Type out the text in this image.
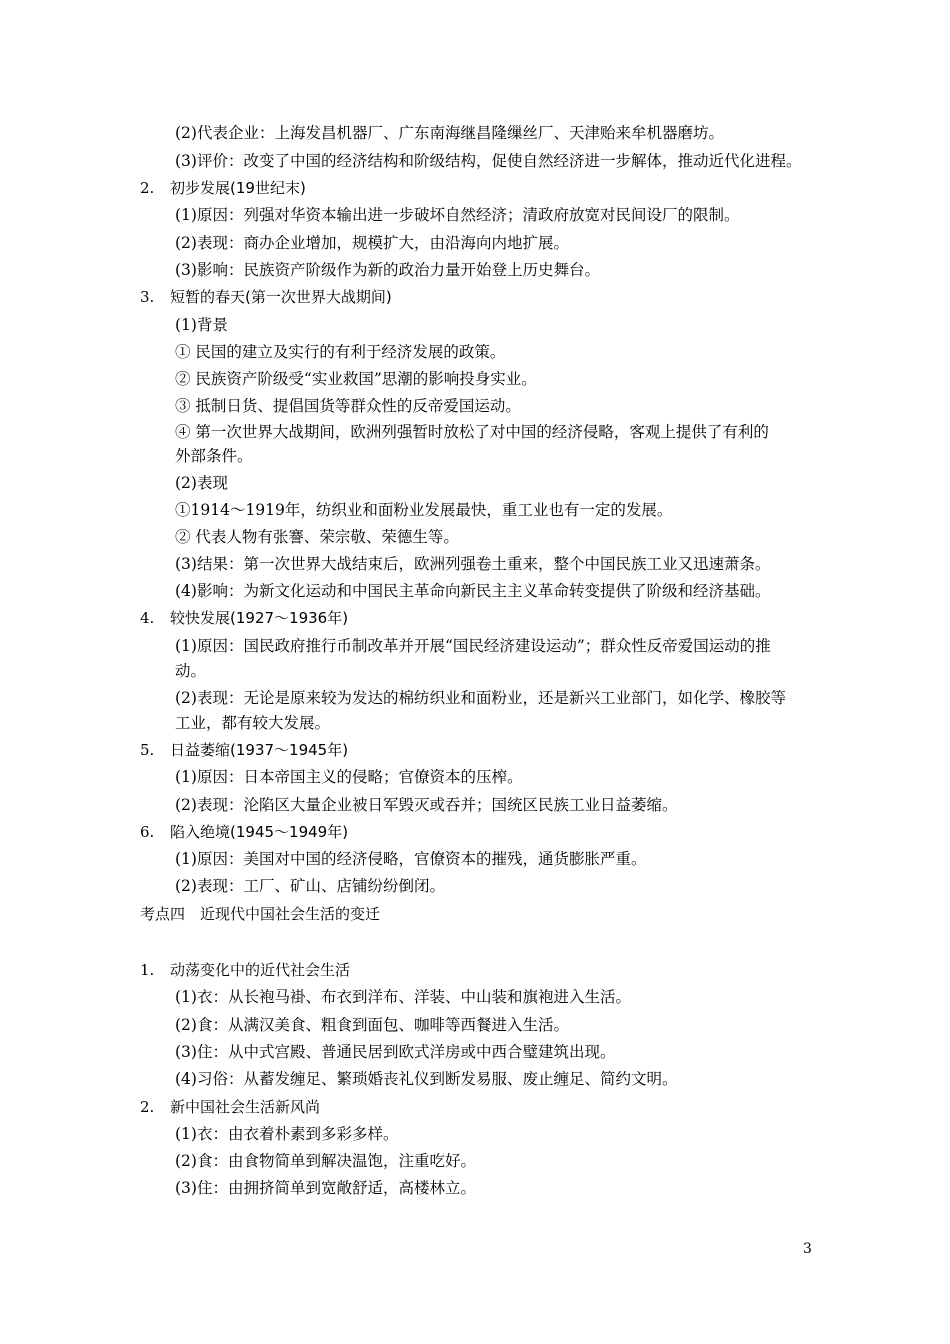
(2)代表企业：上海发昌机器厂、广东南海继昌隆缫丝厂、天津贻来牟机器磨坊。
(3)评价：改变了中国的经济结构和阶级结构，促使自然经济进一步解体，推动近代化进程。
2. 初步发展(19世纪末)
(1)原因：列强对华资本输出进一步破坏自然经济；清政府放宽对民间设厂的限制。
(2)表现：商办企业增加，规模扩大，由沿海向内地扩展。
(3)影响：民族资产阶级作为新的政治力量开始登上历史舞台。
3. 短暂的春天(第一次世界大战期间)
(1)背景
① 民国的建立及实行的有利于经济发展的政策。
② 民族资产阶级受“实业救国”思潮的影响投身实业。
③ 抵制日货、提倡国货等群众性的反帝爱国运动。
④ 第一次世界大战期间，欧洲列强暂时放松了对中国的经济侵略，客观上提供了有利的
外部条件。
(2)表现
①1914～1919年，纺织业和面粉业发展最快，重工业也有一定的发展。
② 代表人物有张謇、荣宗敬、荣德生等。
(3)结果：第一次世界大战结束后，欧洲列强卷土重来，整个中国民族工业又迅速萧条。
(4)影响：为新文化运动和中国民主革命向新民主主义革命转变提供了阶级和经济基础。
4. 较快发展(1927～1936年)
(1)原因：国民政府推行币制改革并开展“国民经济建设运动”；群众性反帝爱国运动的推
动。
(2)表现：无论是原来较为发达的棉纺织业和面粉业，还是新兴工业部门，如化学、橡胶等
工业，都有较大发展。
5. 日益萎缩(1937～1945年)
(1)原因：日本帝国主义的侵略；官僚资本的压榨。
(2)表现：沦陷区大量企业被日军毁灭或吞并；国统区民族工业日益萎缩。
6. 陷入绝境(1945～1949年)
(1)原因：美国对中国的经济侵略，官僚资本的摧残，通货膨胀严重。
(2)表现：工厂、矿山、店铺纷纷倒闭。
考点四　近现代中国社会生活的变迁
1. 动荡变化中的近代社会生活
(1)衣：从长袍马褂、布衣到洋布、洋装、中山装和旗袍进入生活。
(2)食：从满汉美食、粗食到面包、咖啡等西餐进入生活。
(3)住：从中式宫殿、普通民居到欧式洋房或中西合璧建筑出现。
(4)习俗：从蓄发缠足、繁琐婚丧礼仪到断发易服、废止缠足、简约文明。
2. 新中国社会生活新风尚
(1)衣：由衣着朴素到多彩多样。
(2)食：由食物简单到解决温饱，注重吃好。
(3)住：由拥挤简单到宽敞舒适，高楼林立。
3
